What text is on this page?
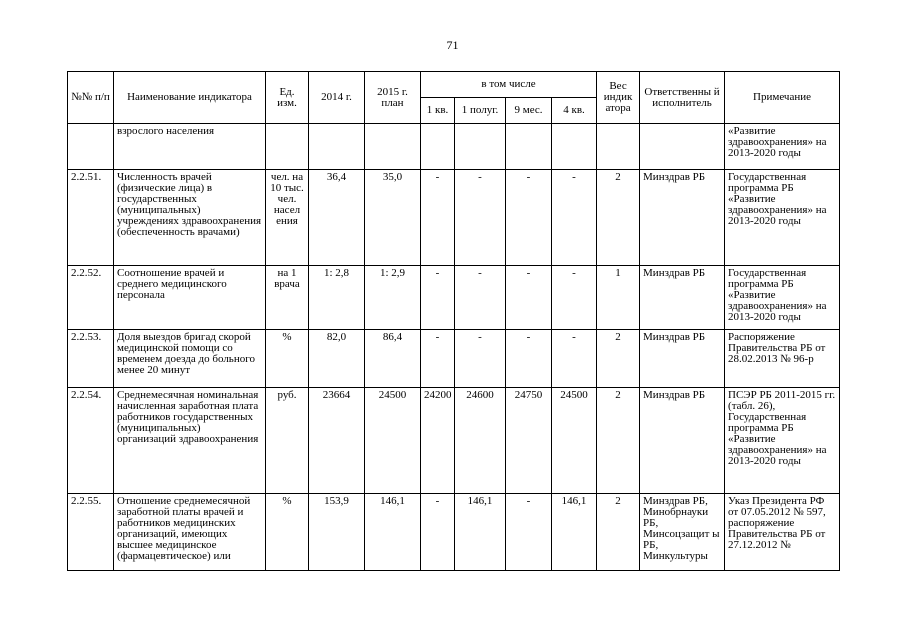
71
№№ п/п	Наименование индикатора	Ед. изм.	2014 г.	2015 г. план	в том числе				Вес индик атора	Ответственны й исполнитель	Примечание
					1 кв.	1 полуг.	9 мес.	4 кв.			
	взрослого населения										«Развитие здравоохранения» на 2013-2020 годы
2.2.51.	Численность врачей (физические лица) в государственных (муниципальных) учреждениях здравоохранения (обеспеченность врачами)	чел. на 10 тыс. чел. насел ения	36,4	35,0	-	-	-	-	2	Минздрав РБ	Государственная программа РБ «Развитие здравоохранения» на 2013-2020 годы
2.2.52.	Соотношение врачей и среднего медицинского персонала	на 1 врача	1: 2,8	1: 2,9	-	-	-	-	1	Минздрав РБ	Государственная программа РБ «Развитие здравоохранения» на 2013-2020 годы
2.2.53.	Доля выездов бригад скорой медицинской помощи со временем доезда до больного менее 20 минут	%	82,0	86,4	-	-	-	-	2	Минздрав РБ	Распоряжение Правительства РБ от 28.02.2013 № 96-р
2.2.54.	Среднемесячная номинальная начисленная заработная плата работников государственных (муниципальных) организаций здравоохранения	руб.	23664	24500	24200	24600	24750	24500	2	Минздрав РБ	ПСЭР РБ 2011-2015 гг. (табл. 26), Государственная программа РБ «Развитие здравоохранения» на 2013-2020 годы
2.2.55.	Отношение среднемесячной заработной платы врачей и работников медицинских организаций, имеющих высшее медицинское (фармацевтическое) или	%	153,9	146,1	-	146,1	-	146,1	2	Минздрав РБ, Минобрнауки РБ, Минсоцзащит ы РБ, Минкультуры	Указ Президента РФ от 07.05.2012 № 597, распоряжение Правительства РБ от 27.12.2012 №
